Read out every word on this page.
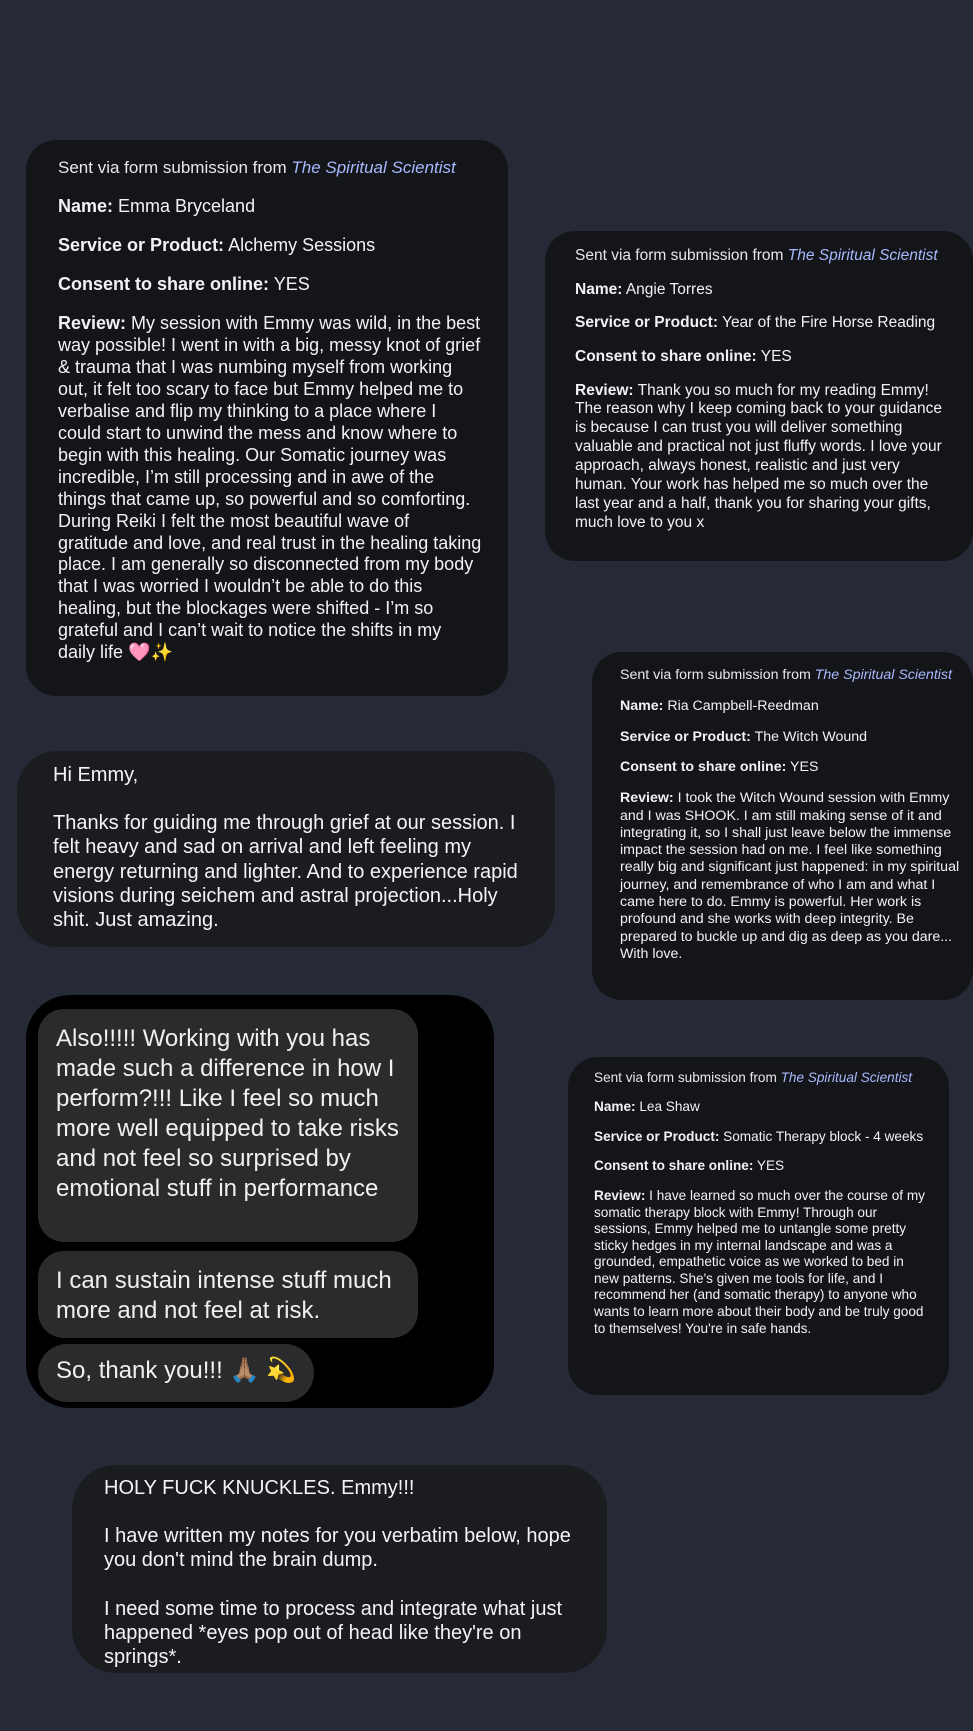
Sent via form submission from The Spiritual Scientist

Name: Emma Bryceland

Service or Product: Alchemy Sessions

Consent to share online: YES

Review: My session with Emmy was wild, in the best way possible! I went in with a big, messy knot of grief & trauma that I was numbing myself from working out, it felt too scary to face but Emmy helped me to verbalise and flip my thinking to a place where I could start to unwind the mess and know where to begin with this healing. Our Somatic journey was incredible, I’m still processing and in awe of the things that came up, so powerful and so comforting. During Reiki I felt the most beautiful wave of gratitude and love, and real trust in the healing taking place. I am generally so disconnected from my body that I was worried I wouldn’t be able to do this healing, but the blockages were shifted - I’m so grateful and I can’t wait to notice the shifts in my daily life 🩷✨

Sent via form submission from The Spiritual Scientist

Name: Angie Torres

Service or Product: Year of the Fire Horse Reading

Consent to share online: YES

Review: Thank you so much for my reading Emmy! The reason why I keep coming back to your guidance is because I can trust you will deliver something valuable and practical not just fluffy words. I love your approach, always honest, realistic and just very human. Your work has helped me so much over the last year and a half, thank you for sharing your gifts, much love to you x

Sent via form submission from The Spiritual Scientist

Name: Ria Campbell-Reedman

Service or Product: The Witch Wound

Consent to share online: YES

Review: I took the Witch Wound session with Emmy and I was SHOOK. I am still making sense of it and integrating it, so I shall just leave below the immense impact the session had on me. I feel like something really big and significant just happened: in my spiritual journey, and remembrance of who I am and what I came here to do. Emmy is powerful. Her work is profound and she works with deep integrity. Be prepared to buckle up and dig as deep as you dare... With love.

Sent via form submission from The Spiritual Scientist

Name: Lea Shaw

Service or Product: Somatic Therapy block - 4 weeks

Consent to share online: YES

Review: I have learned so much over the course of my somatic therapy block with Emmy! Through our sessions, Emmy helped me to untangle some pretty sticky hedges in my internal landscape and was a grounded, empathetic voice as we worked to bed in new patterns. She's given me tools for life, and I recommend her (and somatic therapy) to anyone who wants to learn more about their body and be truly good to themselves! You're in safe hands.

Hi Emmy,

Thanks for guiding me through grief at our session. I felt heavy and sad on arrival and left feeling my energy returning and lighter. And to experience rapid visions during seichem and astral projection...Holy shit. Just amazing.

Also!!!!! Working with you has made such a difference in how I perform?!!! Like I feel so much more well equipped to take risks and not feel so surprised by emotional stuff in performance
I can sustain intense stuff much more and not feel at risk.
So, thank you!!! 🙏🏽 💫

HOLY FUCK KNUCKLES. Emmy!!!

I have written my notes for you verbatim below, hope you don't mind the brain dump.

I need some time to process and integrate what just happened *eyes pop out of head like they're on springs*.
